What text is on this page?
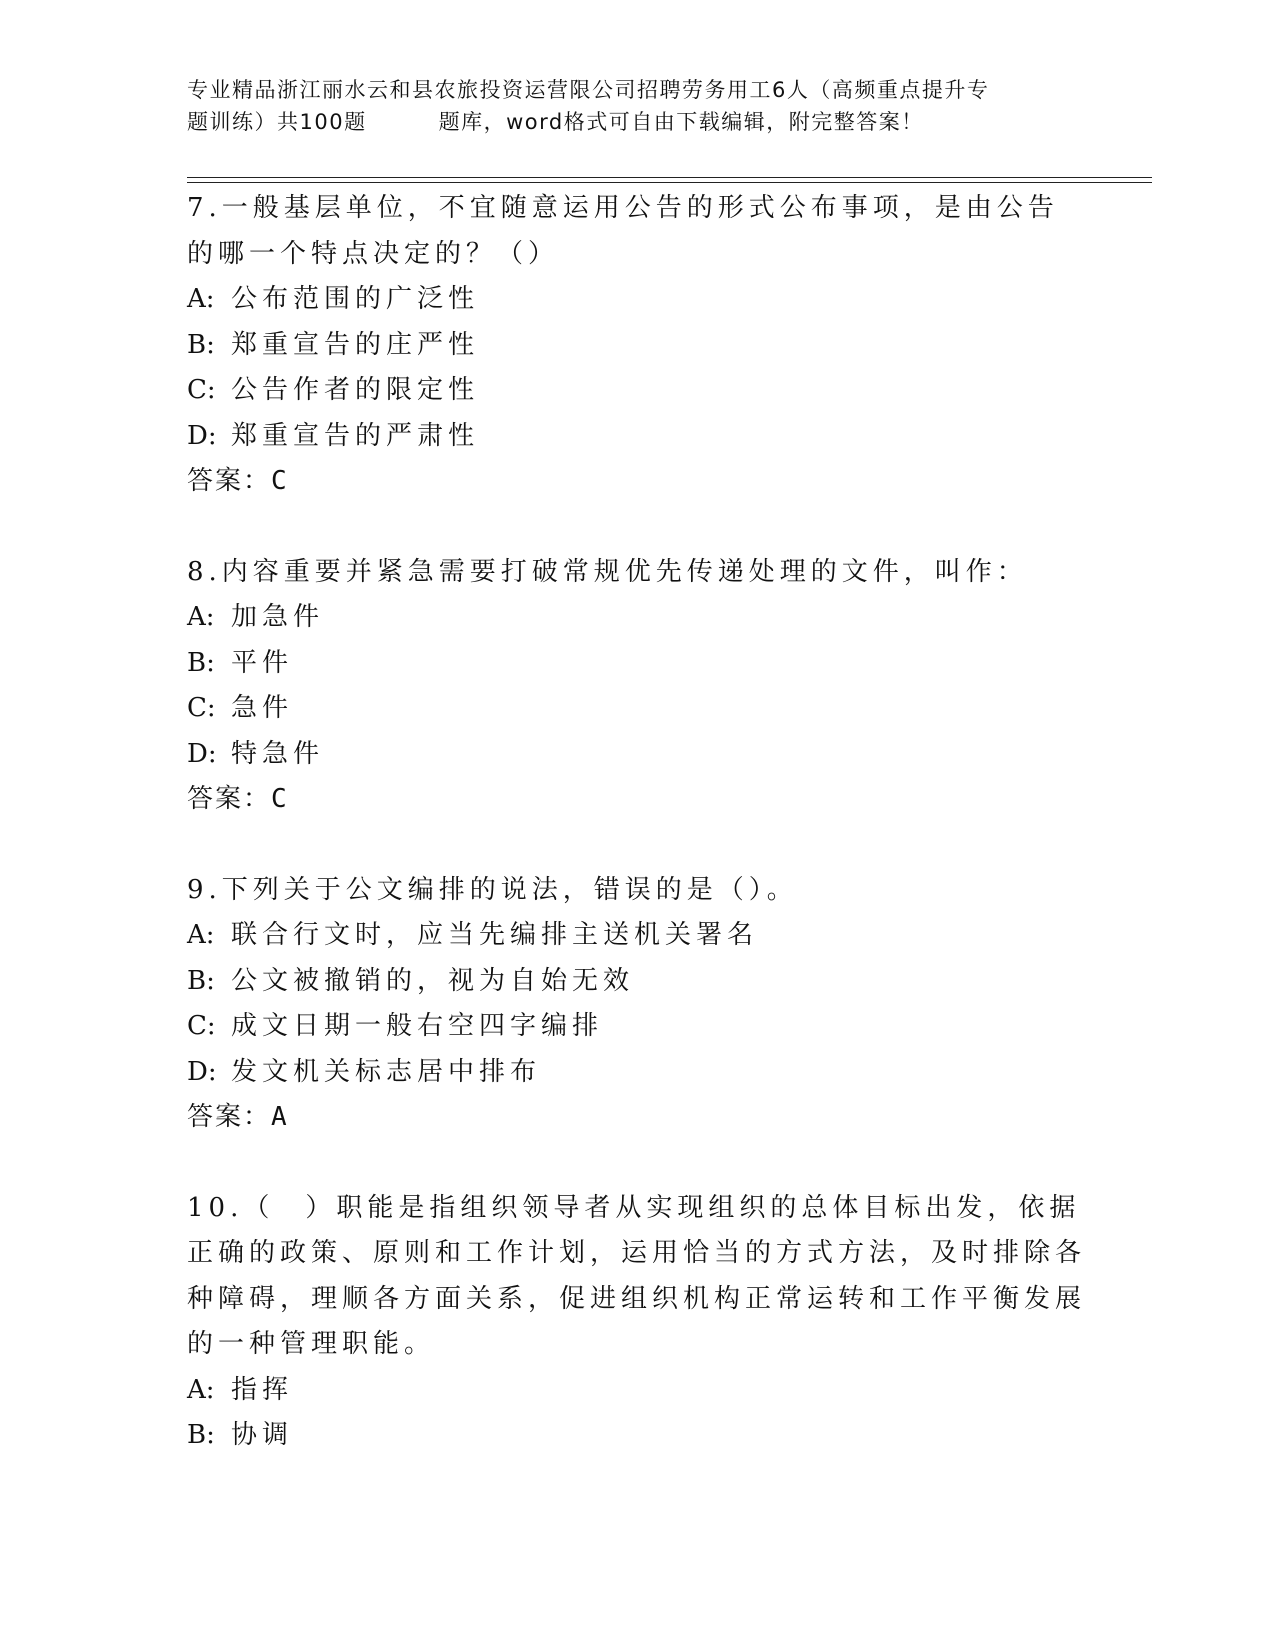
专业精品浙江丽水云和县农旅投资运营限公司招聘劳务用工6人（高频重点提升专
题训练）共100题	题库，word格式可自由下载编辑，附完整答案！

7.一般基层单位，不宜随意运用公告的形式公布事项，是由公告的哪一个特点决定的？（）

A: 公布范围的广泛性

B: 郑重宣告的庄严性

C: 公告作者的限定性

D: 郑重宣告的严肃性

答案：C

8.内容重要并紧急需要打破常规优先传递处理的文件，叫作：

A: 加急件

B: 平件

C: 急件

D: 特急件

答案：C

9.下列关于公文编排的说法，错误的是（）。

A: 联合行文时，应当先编排主送机关署名

B: 公文被撤销的，视为自始无效

C: 成文日期一般右空四字编排

D: 发文机关标志居中排布

答案：A

10.（　）职能是指组织领导者从实现组织的总体目标出发，依据正确的政策、原则和工作计划，运用恰当的方式方法，及时排除各种障碍，理顺各方面关系，促进组织机构正常运转和工作平衡发展的一种管理职能。

A: 指挥

B: 协调
